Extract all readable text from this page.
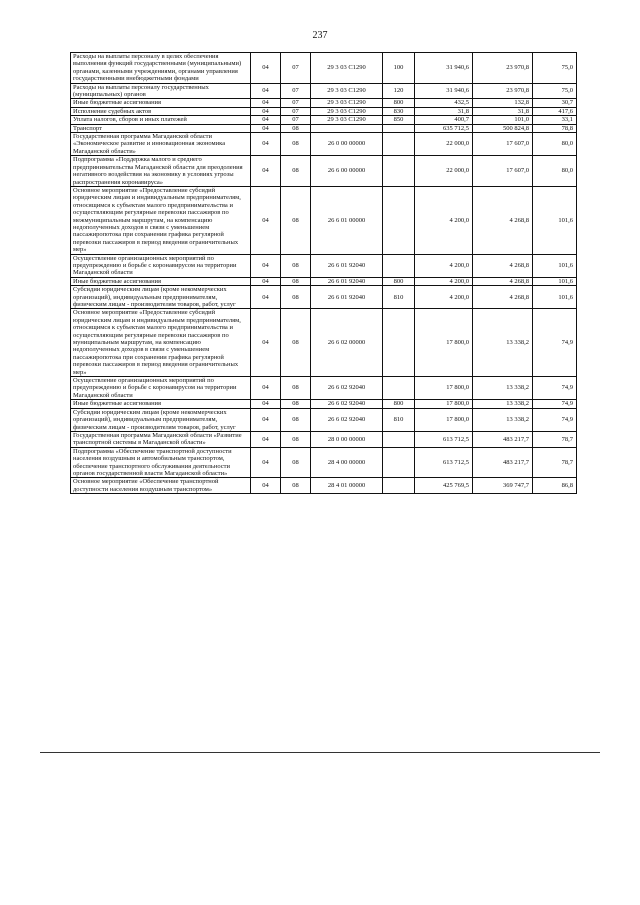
237
Расходы на выплаты персоналу в целях обеспечения выполнения функций государственными (муниципальными) органами, казенными учреждениями, органами управления государственными внебюджетными фондами	04	07	29 3 03 С1290	100	31 940,6	23 970,8	75,0
Расходы на выплаты персоналу государственных (муниципальных) органов	04	07	29 3 03 С1290	120	31 940,6	23 970,8	75,0
Иные бюджетные ассигнования	04	07	29 3 03 С1290	800	432,5	132,8	30,7
Исполнение судебных актов	04	07	29 3 03 С1290	830	31,8	31,8	417,6
Уплата налогов, сборов и иных платежей	04	07	29 3 03 С1290	850	400,7	101,0	33,1
Транспорт	04	08			635 712,5	500 824,8	78,8
Государственная программа Магаданской области «Экономическое развитие и инновационная экономика Магаданской области»	04	08	26 0 00 00000		22 000,0	17 607,0	80,0
Подпрограмма «Поддержка малого и среднего предпринимательства Магаданской области для преодоления негативного воздействия на экономику в условиях угрозы распространения коронавируса»	04	08	26 6 00 00000		22 000,0	17 607,0	80,0
Основное мероприятие «Предоставление субсидий юридическим лицам и индивидуальным предпринимателям, относящимся к субъектам малого предпринимательства и осуществляющим регулярные перевозки пассажиров по межмуниципальным маршрутам, на компенсацию недополученных доходов в связи с уменьшением пассажиропотока при сохранении графика регулярной перевозки пассажиров в период введения ограничительных мер»	04	08	26 6 01 00000		4 200,0	4 268,8	101,6
Осуществление организационных мероприятий по предупреждению и борьбе с коронавирусом на территории Магаданской области	04	08	26 6 01 92040		4 200,0	4 268,8	101,6
Иные бюджетные ассигнования	04	08	26 6 01 92040	800	4 200,0	4 268,8	101,6
Субсидии юридическим лицам (кроме некоммерческих организаций), индивидуальным предпринимателям, физическим лицам - производителям товаров, работ, услуг	04	08	26 6 01 92040	810	4 200,0	4 268,8	101,6
Основное мероприятие «Предоставление субсидий юридическим лицам и индивидуальным предпринимателям, относящимся к субъектам малого предпринимательства и осуществляющим регулярные перевозки пассажиров по муниципальным маршрутам, на компенсацию недополученных доходов в связи с уменьшением пассажиропотока при сохранении графика регулярной перевозки пассажиров в период введения ограничительных мер»	04	08	26 6 02 00000		17 800,0	13 338,2	74,9
Осуществление организационных мероприятий по предупреждению и борьбе с коронавирусом на территории Магаданской области	04	08	26 6 02 92040		17 800,0	13 338,2	74,9
Иные бюджетные ассигнования	04	08	26 6 02 92040	800	17 800,0	13 338,2	74,9
Субсидии юридическим лицам (кроме некоммерческих организаций), индивидуальным предпринимателям, физическим лицам - производителям товаров, работ, услуг	04	08	26 6 02 92040	810	17 800,0	13 338,2	74,9
Государственная программа Магаданской области «Развитие транспортной системы в Магаданской области»	04	08	28 0 00 00000		613 712,5	483 217,7	78,7
Подпрограмма «Обеспечение транспортной доступности населения воздушным и автомобильным транспортом, обеспечение транспортного обслуживания деятельности органов государственной власти Магаданской области»	04	08	28 4 00 00000		613 712,5	483 217,7	78,7
Основное мероприятие «Обеспечение транспортной доступности населения воздушным транспортом»	04	08	28 4 01 00000		425 769,5	369 747,7	86,8
